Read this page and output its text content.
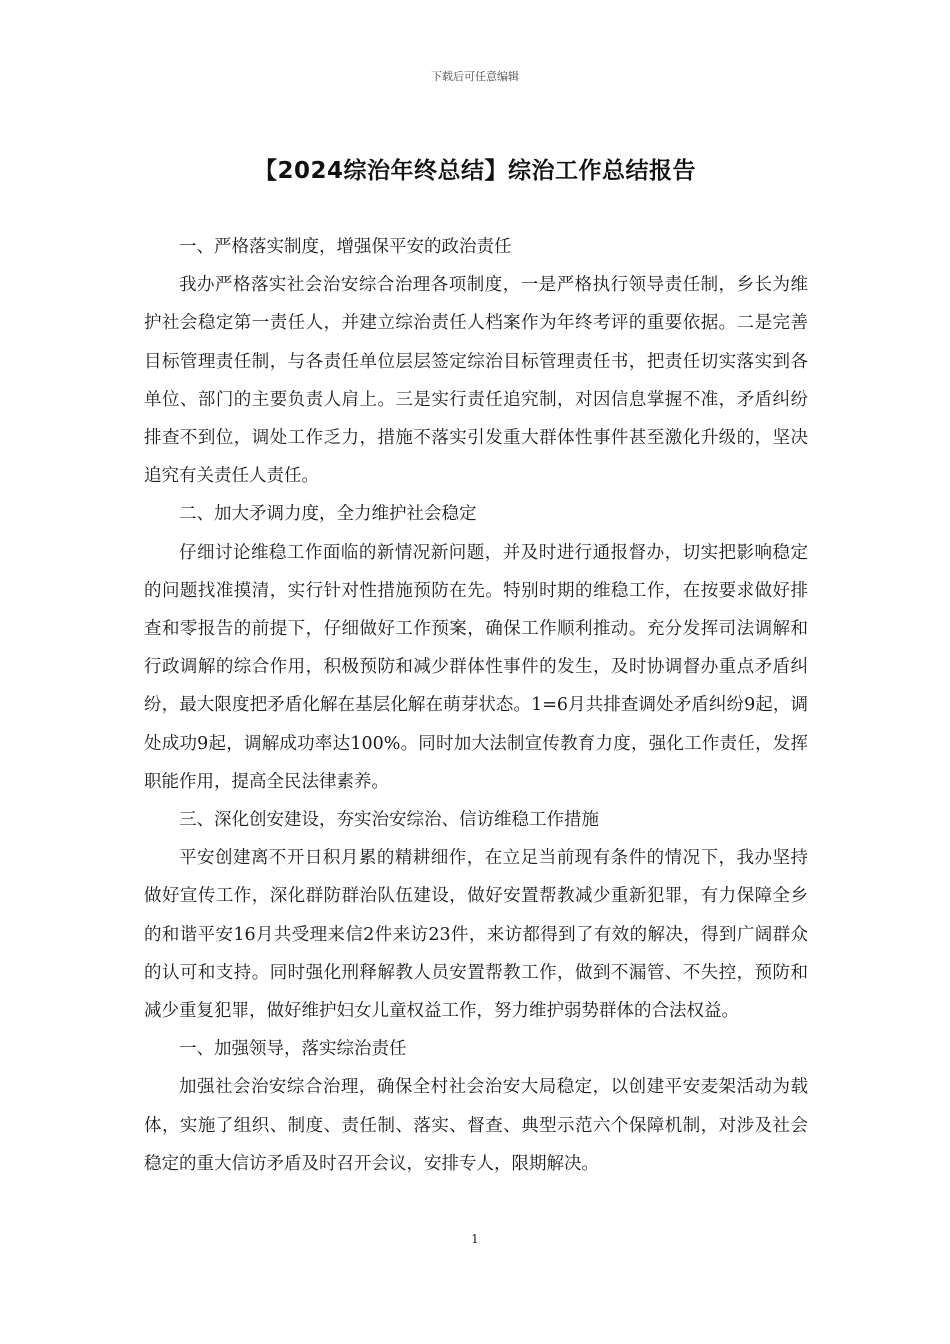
下载后可任意编辑
【2024综治年终总结】综治工作总结报告

一、严格落实制度，增强保平安的政治责任

我办严格落实社会治安综合治理各项制度，一是严格执行领导责任制，乡长为维护社会稳定第一责任人，并建立综治责任人档案作为年终考评的重要依据。二是完善目标管理责任制，与各责任单位层层签定综治目标管理责任书，把责任切实落实到各单位、部门的主要负责人肩上。三是实行责任追究制，对因信息掌握不准，矛盾纠纷排查不到位，调处工作乏力，措施不落实引发重大群体性事件甚至激化升级的，坚决追究有关责任人责任。

二、加大矛调力度，全力维护社会稳定

仔细讨论维稳工作面临的新情况新问题，并及时进行通报督办，切实把影响稳定的问题找准摸清，实行针对性措施预防在先。特别时期的维稳工作，在按要求做好排查和零报告的前提下，仔细做好工作预案，确保工作顺利推动。充分发挥司法调解和行政调解的综合作用，积极预防和减少群体性事件的发生，及时协调督办重点矛盾纠纷，最大限度把矛盾化解在基层化解在萌芽状态。1=6月共排查调处矛盾纠纷9起，调处成功9起，调解成功率达100%。同时加大法制宣传教育力度，强化工作责任，发挥职能作用，提高全民法律素养。

三、深化创安建设，夯实治安综治、信访维稳工作措施

平安创建离不开日积月累的精耕细作，在立足当前现有条件的情况下，我办坚持做好宣传工作，深化群防群治队伍建设，做好安置帮教减少重新犯罪，有力保障全乡的和谐平安16月共受理来信2件来访23件，来访都得到了有效的解决，得到广阔群众的认可和支持。同时强化刑释解教人员安置帮教工作，做到不漏管、不失控，预防和减少重复犯罪，做好维护妇女儿童权益工作，努力维护弱势群体的合法权益。

一、加强领导，落实综治责任

加强社会治安综合治理，确保全村社会治安大局稳定，以创建平安麦架活动为载体，实施了组织、制度、责任制、落实、督查、典型示范六个保障机制，对涉及社会稳定的重大信访矛盾及时召开会议，安排专人，限期解决。

1
